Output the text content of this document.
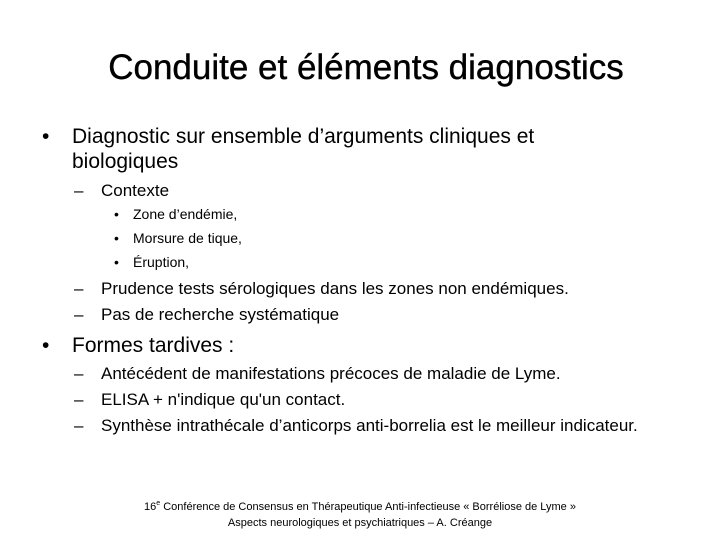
Conduite et éléments diagnostics
• Diagnostic sur ensemble d’arguments cliniques et biologiques
– Contexte
• Zone d’endémie,
• Morsure de tique,
• Éruption,
– Prudence tests sérologiques dans les zones non endémiques.
– Pas de recherche systématique
• Formes tardives :
– Antécédent de manifestations précoces de maladie de Lyme.
– ELISA + n'indique qu'un contact.
– Synthèse intrathécale d’anticorps anti-borrelia est le meilleur indicateur.
16e Conférence de Consensus en Thérapeutique Anti-infectieuse « Borréliose de Lyme »
Aspects neurologiques et psychiatriques – A. Créange
